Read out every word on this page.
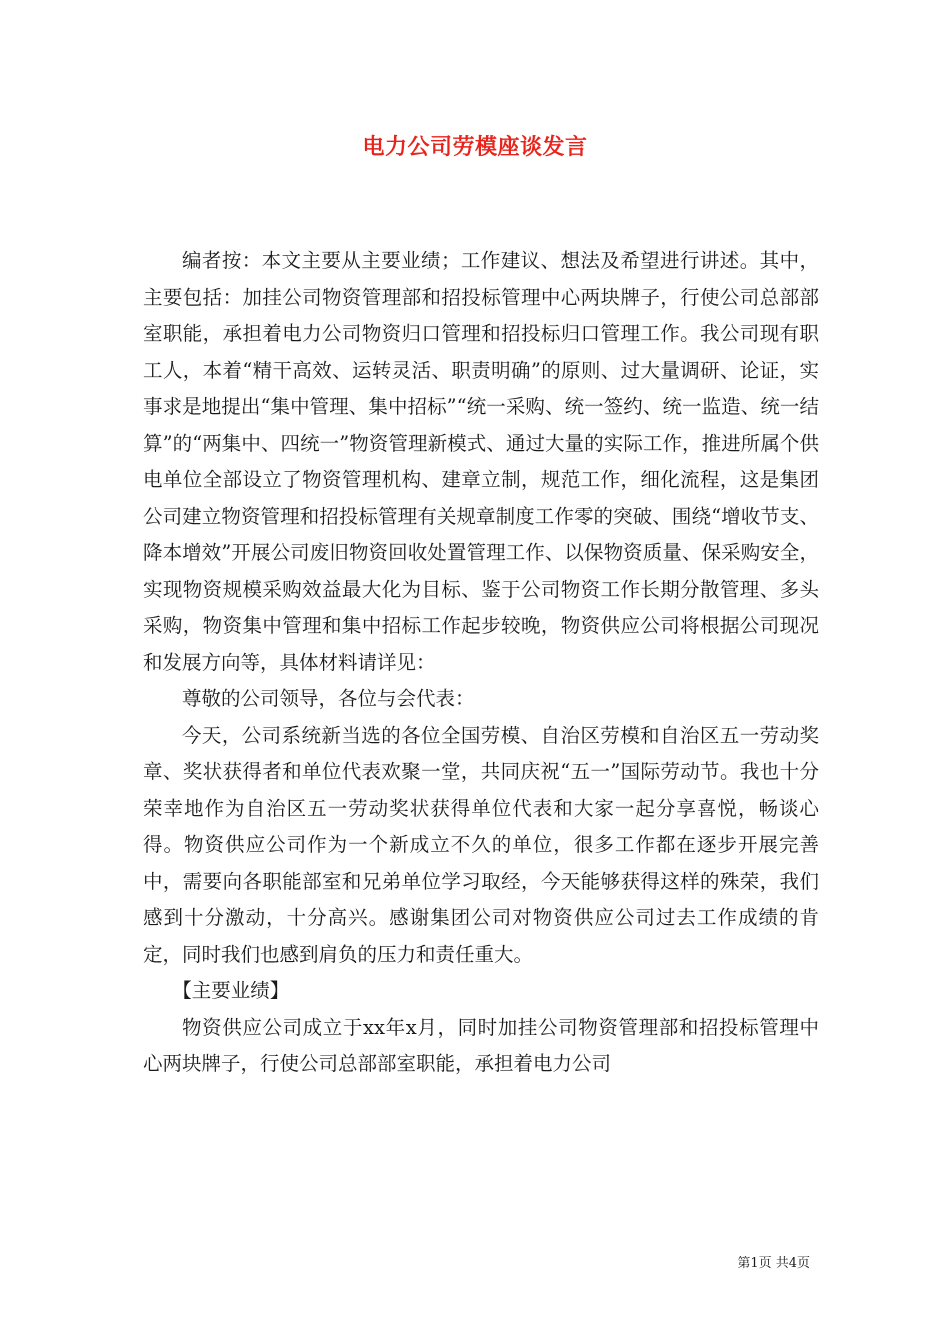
电力公司劳模座谈发言

编者按：本文主要从主要业绩；工作建议、想法及希望进行讲述。其中，主要包括：加挂公司物资管理部和招投标管理中心两块牌子，行使公司总部部室职能，承担着电力公司物资归口管理和招投标归口管理工作。我公司现有职工人，本着“精干高效、运转灵活、职责明确”的原则、过大量调研、论证，实事求是地提出“集中管理、集中招标”“统一采购、统一签约、统一监造、统一结算”的“两集中、四统一”物资管理新模式、通过大量的实际工作，推进所属个供电单位全部设立了物资管理机构、建章立制，规范工作，细化流程，这是集团公司建立物资管理和招投标管理有关规章制度工作零的突破、围绕“增收节支、降本增效”开展公司废旧物资回收处置管理工作、以保物资质量、保采购安全，实现物资规模采购效益最大化为目标、鉴于公司物资工作长期分散管理、多头采购，物资集中管理和集中招标工作起步较晚，物资供应公司将根据公司现况和发展方向等，具体材料请详见：

尊敬的公司领导，各位与会代表：

今天，公司系统新当选的各位全国劳模、自治区劳模和自治区五一劳动奖章、奖状获得者和单位代表欢聚一堂，共同庆祝“五一”国际劳动节。我也十分荣幸地作为自治区五一劳动奖状获得单位代表和大家一起分享喜悦，畅谈心得。物资供应公司作为一个新成立不久的单位，很多工作都在逐步开展完善中，需要向各职能部室和兄弟单位学习取经，今天能够获得这样的殊荣，我们感到十分激动，十分高兴。感谢集团公司对物资供应公司过去工作成绩的肯定，同时我们也感到肩负的压力和责任重大。

【主要业绩】

物资供应公司成立于xx年x月，同时加挂公司物资管理部和招投标管理中心两块牌子，行使公司总部部室职能，承担着电力公司

第1页 共4页
